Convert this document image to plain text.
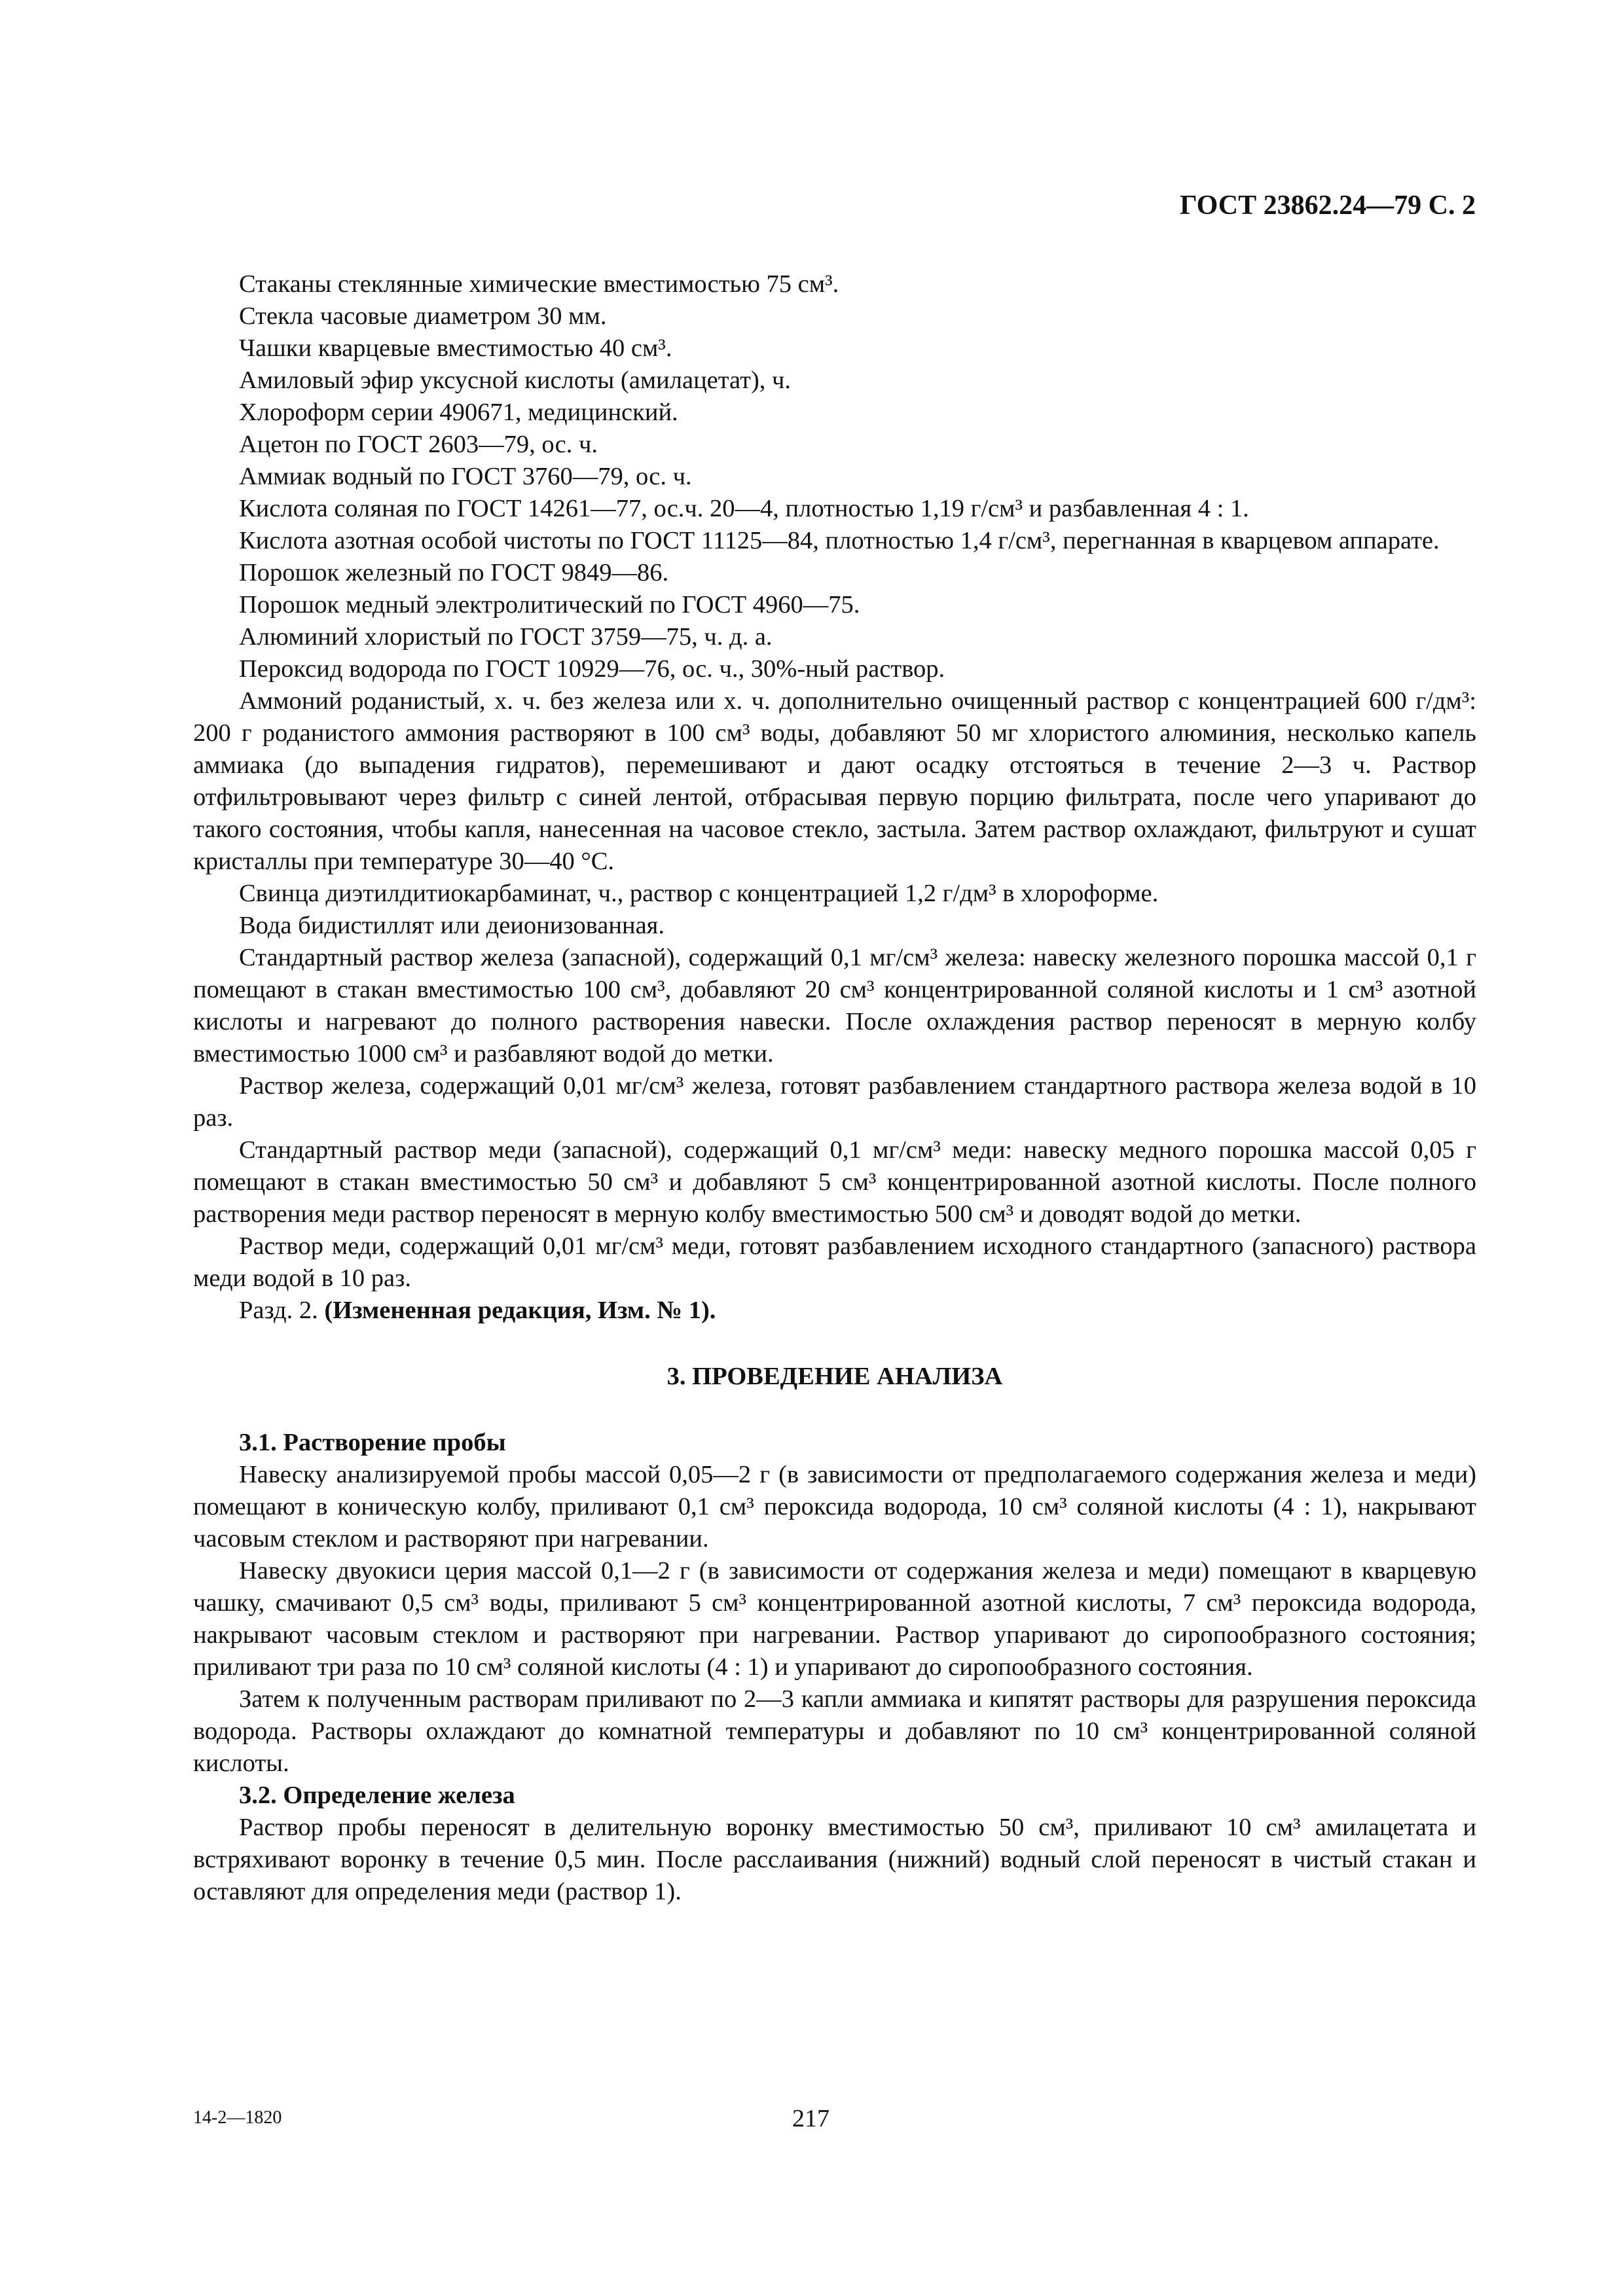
ГОСТ 23862.24—79 С. 2

Стаканы стеклянные химические вместимостью 75 см³.

Стекла часовые диаметром 30 мм.

Чашки кварцевые вместимостью 40 см³.

Амиловый эфир уксусной кислоты (амилацетат), ч.

Хлороформ серии 490671, медицинский.

Ацетон по ГОСТ 2603—79, ос. ч.

Аммиак водный по ГОСТ 3760—79, ос. ч.

Кислота соляная по ГОСТ 14261—77, ос.ч. 20—4, плотностью 1,19 г/см³ и разбавленная 4 : 1.

Кислота азотная особой чистоты по ГОСТ 11125—84, плотностью 1,4 г/см³, перегнанная в кварцевом аппарате.

Порошок железный по ГОСТ 9849—86.

Порошок медный электролитический по ГОСТ 4960—75.

Алюминий хлористый по ГОСТ 3759—75, ч. д. а.

Пероксид водорода по ГОСТ 10929—76, ос. ч., 30%-ный раствор.

Аммоний роданистый, х. ч. без железа или х. ч. дополнительно очищенный раствор с концентрацией 600 г/дм³: 200 г роданистого аммония растворяют в 100 см³ воды, добавляют 50 мг хлористого алюминия, несколько капель аммиака (до выпадения гидратов), перемешивают и дают осадку отстояться в течение 2—3 ч. Раствор отфильтровывают через фильтр с синей лентой, отбрасывая первую порцию фильтрата, после чего упаривают до такого состояния, чтобы капля, нанесенная на часовое стекло, застыла. Затем раствор охлаждают, фильтруют и сушат кристаллы при температуре 30—40 °С.

Свинца диэтилдитиокарбаминат, ч., раствор с концентрацией 1,2 г/дм³ в хлороформе.

Вода бидистиллят или деионизованная.

Стандартный раствор железа (запасной), содержащий 0,1 мг/см³ железа: навеску железного порошка массой 0,1 г помещают в стакан вместимостью 100 см³, добавляют 20 см³ концентрированной соляной кислоты и 1 см³ азотной кислоты и нагревают до полного растворения навески. После охлаждения раствор переносят в мерную колбу вместимостью 1000 см³ и разбавляют водой до метки.

Раствор железа, содержащий 0,01 мг/см³ железа, готовят разбавлением стандартного раствора железа водой в 10 раз.

Стандартный раствор меди (запасной), содержащий 0,1 мг/см³ меди: навеску медного порошка массой 0,05 г помещают в стакан вместимостью 50 см³ и добавляют 5 см³ концентрированной азотной кислоты. После полного растворения меди раствор переносят в мерную колбу вместимостью 500 см³ и доводят водой до метки.

Раствор меди, содержащий 0,01 мг/см³ меди, готовят разбавлением исходного стандартного (запасного) раствора меди водой в 10 раз.

Разд. 2. (Измененная редакция, Изм. № 1).

3. ПРОВЕДЕНИЕ АНАЛИЗА

3.1. Растворение пробы

Навеску анализируемой пробы массой 0,05—2 г (в зависимости от предполагаемого содержания железа и меди) помещают в коническую колбу, приливают 0,1 см³ пероксида водорода, 10 см³ соляной кислоты (4 : 1), накрывают часовым стеклом и растворяют при нагревании.

Навеску двуокиси церия массой 0,1—2 г (в зависимости от содержания железа и меди) помещают в кварцевую чашку, смачивают 0,5 см³ воды, приливают 5 см³ концентрированной азотной кислоты, 7 см³ пероксида водорода, накрывают часовым стеклом и растворяют при нагревании. Раствор упаривают до сиропообразного состояния; приливают три раза по 10 см³ соляной кислоты (4 : 1) и упаривают до сиропообразного состояния.

Затем к полученным растворам приливают по 2—3 капли аммиака и кипятят растворы для разрушения пероксида водорода. Растворы охлаждают до комнатной температуры и добавляют по 10 см³ концентрированной соляной кислоты.

3.2. Определение железа

Раствор пробы переносят в делительную воронку вместимостью 50 см³, приливают 10 см³ амилацетата и встряхивают воронку в течение 0,5 мин. После расслаивания (нижний) водный слой переносят в чистый стакан и оставляют для определения меди (раствор 1).

14-2—1820	217
